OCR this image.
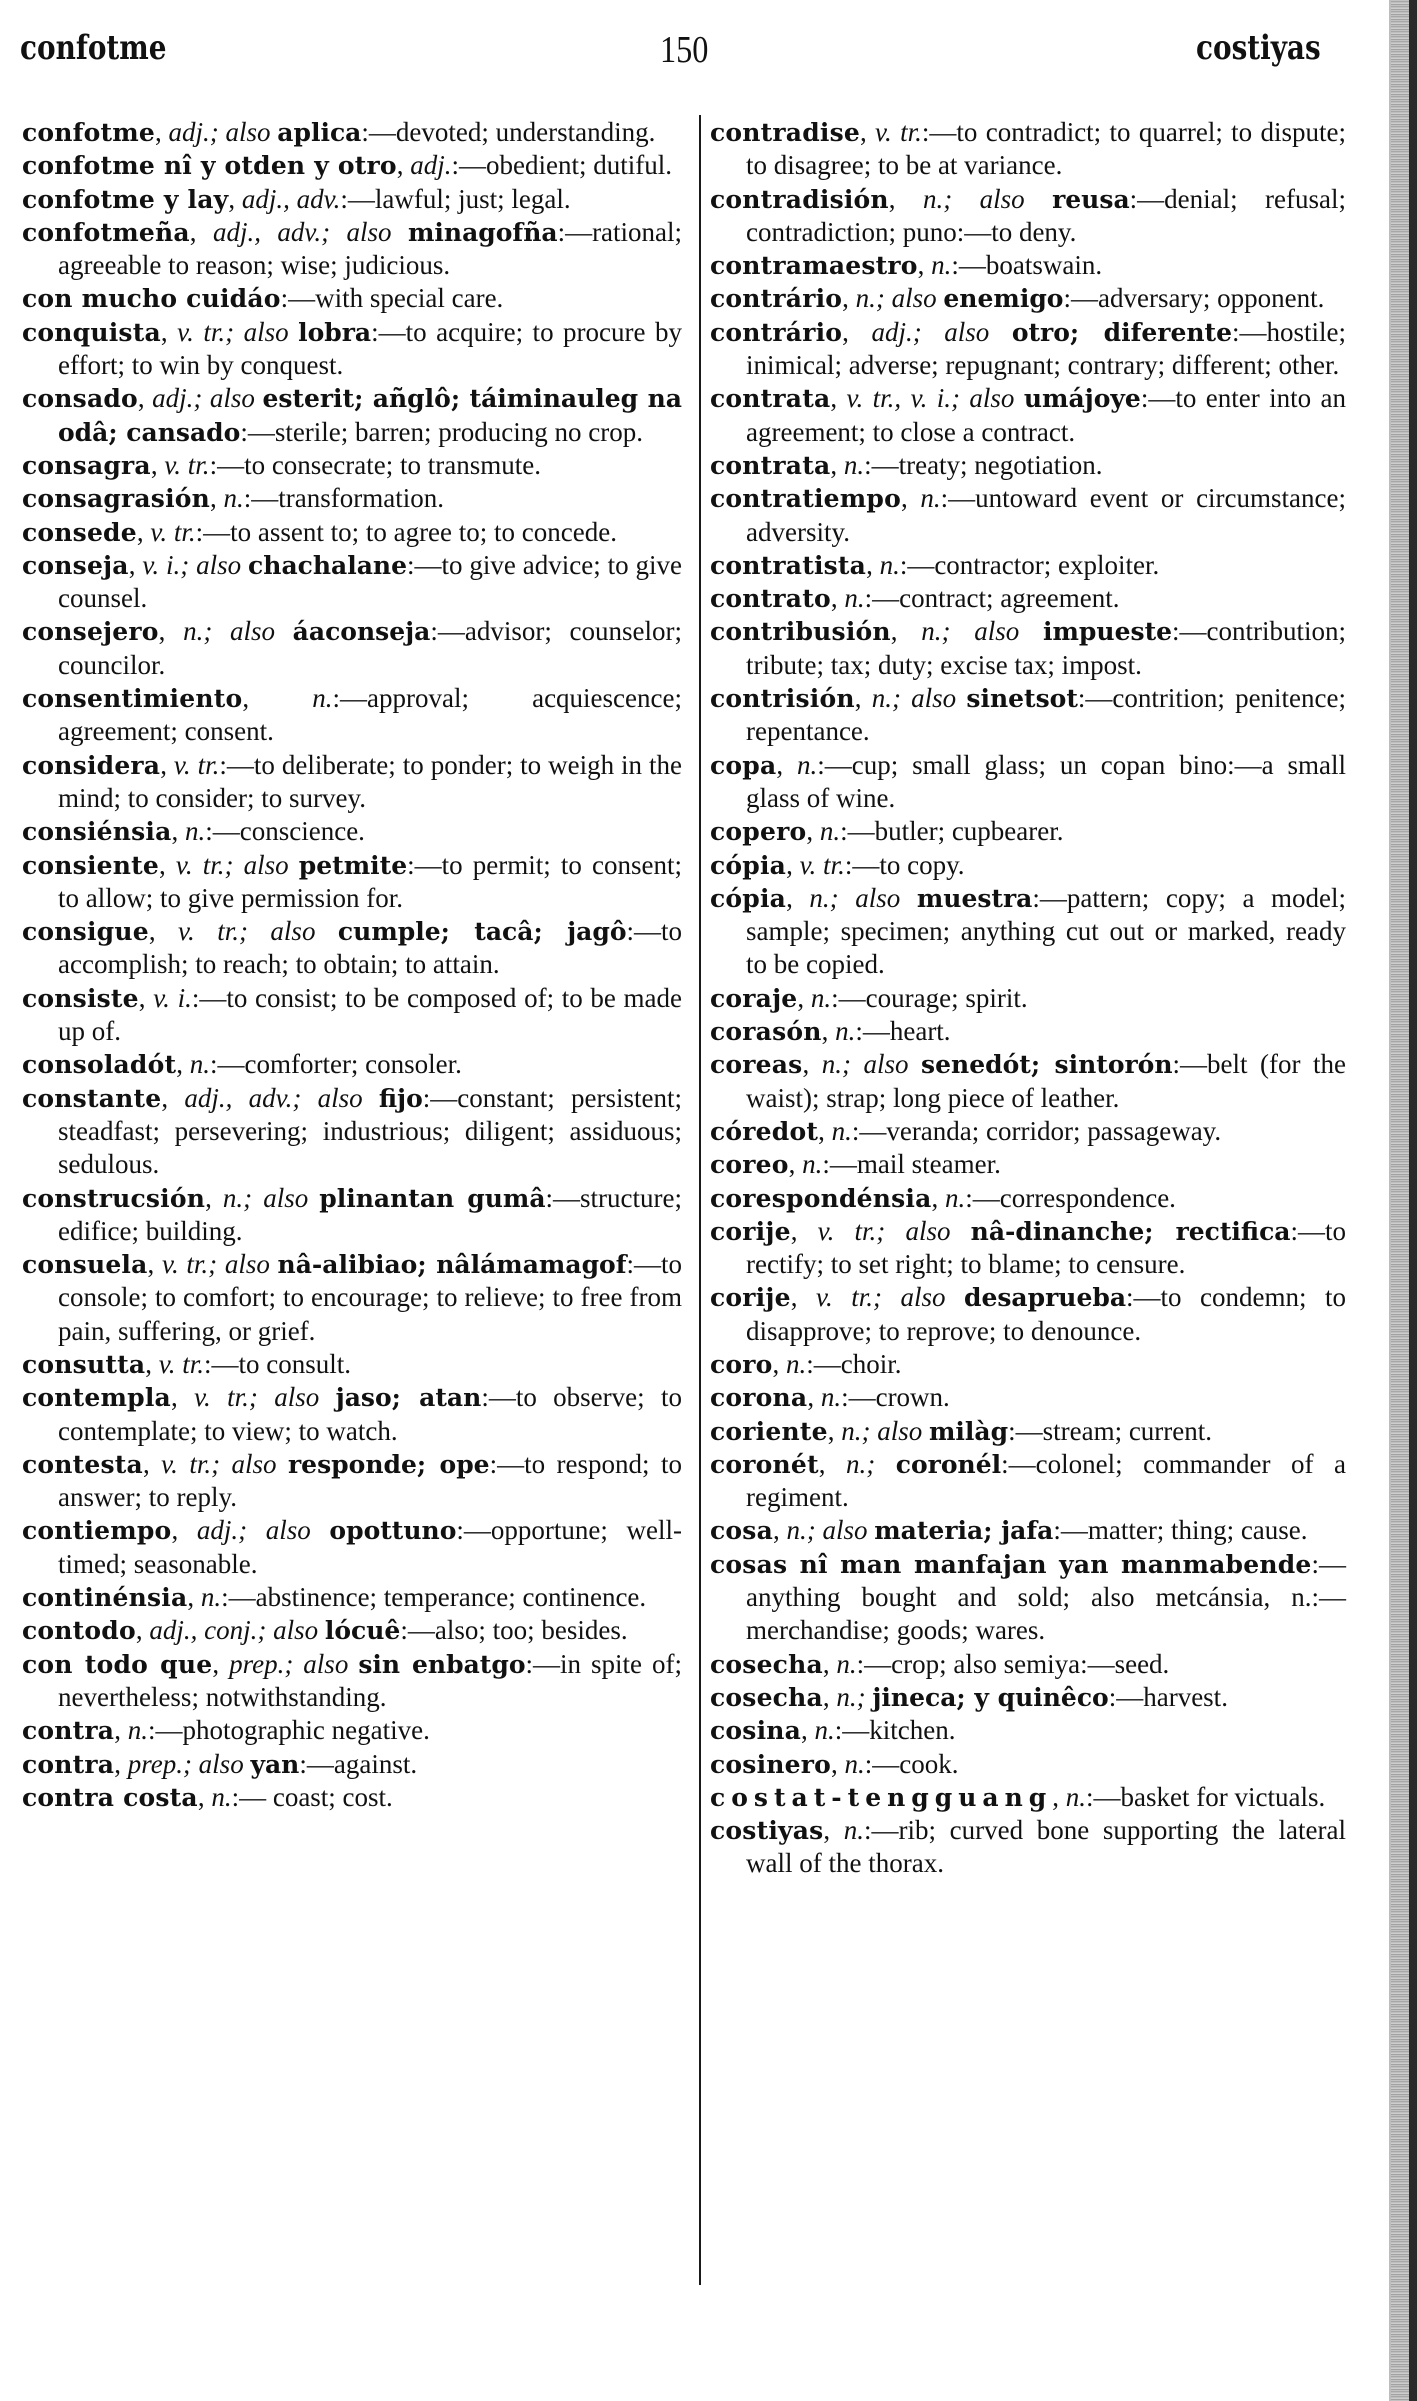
confotme	150	costiyas

confotme, adj.; also aplica:—devoted; understanding.

confotme nî y otden y otro, adj.:—obedient; dutiful.

confotme y lay, adj., adv.:—lawful; just; legal.

confotmeña, adj., adv.; also minagofña:—rational; agreeable to reason; wise; judicious.

con mucho cuidáo:—with special care.

conquista, v. tr.; also lobra:—to acquire; to procure by effort; to win by conquest.

consado, adj.; also esterit; añglô; táiminauleg na odâ; cansado:—sterile; barren; producing no crop.

consagra, v. tr.:—to consecrate; to transmute.

consagrasión, n.:—transformation.

consede, v. tr.:—to assent to; to agree to; to concede.

conseja, v. i.; also chachalane:—to give advice; to give counsel.

consejero, n.; also áaconseja:—advisor; counselor; councilor.

consentimiento, n.:—approval; acquiescence; agreement; consent.

considera, v. tr.:—to deliberate; to ponder; to weigh in the mind; to consider; to survey.

consiénsia, n.:—conscience.

consiente, v. tr.; also petmite:—to permit; to consent; to allow; to give permission for.

consigue, v. tr.; also cumple; tacâ; jagô:—to accomplish; to reach; to obtain; to attain.

consiste, v. i.:—to consist; to be composed of; to be made up of.

consoladót, n.:—comforter; consoler.

constante, adj., adv.; also fijo:—constant; persistent; steadfast; persevering; industrious; diligent; assiduous; sedulous.

construcsión, n.; also plinantan gumâ:—structure; edifice; building.

consuela, v. tr.; also nâ-alibiao; nâlámamagof:—to console; to comfort; to encourage; to relieve; to free from pain, suffering, or grief.

consutta, v. tr.:—to consult.

contempla, v. tr.; also jaso; atan:—to observe; to contemplate; to view; to watch.

contesta, v. tr.; also responde; ope:—to respond; to answer; to reply.

contiempo, adj.; also opottuno:—opportune; well-timed; seasonable.

continénsia, n.:—abstinence; temperance; continence.

contodo, adj., conj.; also lócuê:—also; too; besides.

con todo que, prep.; also sin enbatgo:—in spite of; nevertheless; notwithstanding.

contra, n.:—photographic negative.

contra, prep.; also yan:—against.

contra costa, n.:— coast; cost.

contradise, v. tr.:—to contradict; to quarrel; to dispute; to disagree; to be at variance.

contradisión, n.; also reusa:—denial; refusal; contradiction; puno:—to deny.

contramaestro, n.:—boatswain.

contrário, n.; also enemigo:—adversary; opponent.

contrário, adj.; also otro; diferente:—hostile; inimical; adverse; repugnant; contrary; different; other.

contrata, v. tr., v. i.; also umájoye:—to enter into an agreement; to close a contract.

contrata, n.:—treaty; negotiation.

contratiempo, n.:—untoward event or circumstance; adversity.

contratista, n.:—contractor; exploiter.

contrato, n.:—contract; agreement.

contribusión, n.; also impueste:—contribution; tribute; tax; duty; excise tax; impost.

contrisión, n.; also sinetsot:—contrition; penitence; repentance.

copa, n.:—cup; small glass; un copan bino:—a small glass of wine.

copero, n.:—butler; cupbearer.

cópia, v. tr.:—to copy.

cópia, n.; also muestra:—pattern; copy; a model; sample; specimen; anything cut out or marked, ready to be copied.

coraje, n.:—courage; spirit.

corasón, n.:—heart.

coreas, n.; also senedót; sintorón:—belt (for the waist); strap; long piece of leather.

córedot, n.:—veranda; corridor; passageway.

coreo, n.:—mail steamer.

corespondénsia, n.:—correspondence.

corije, v. tr.; also nâ-dinanche; rectifica:—to rectify; to set right; to blame; to censure.

corije, v. tr.; also desaprueba:—to condemn; to disapprove; to reprove; to denounce.

coro, n.:—choir.

corona, n.:—crown.

coriente, n.; also milàg:—stream; current.

coronét, n.; coronél:—colonel; commander of a regiment.

cosa, n.; also materia; jafa:—matter; thing; cause.

cosas nî man manfajan yan manmabende:—anything bought and sold; also metcánsia, n.:—merchandise; goods; wares.

cosecha, n.:—crop; also semiya:—seed.

cosecha, n.; jineca; y quinêco:—harvest.

cosina, n.:—kitchen.

cosinero, n.:—cook.

costat-tengguang, n.:—basket for victuals.

costiyas, n.:—rib; curved bone supporting the lateral wall of the thorax.
